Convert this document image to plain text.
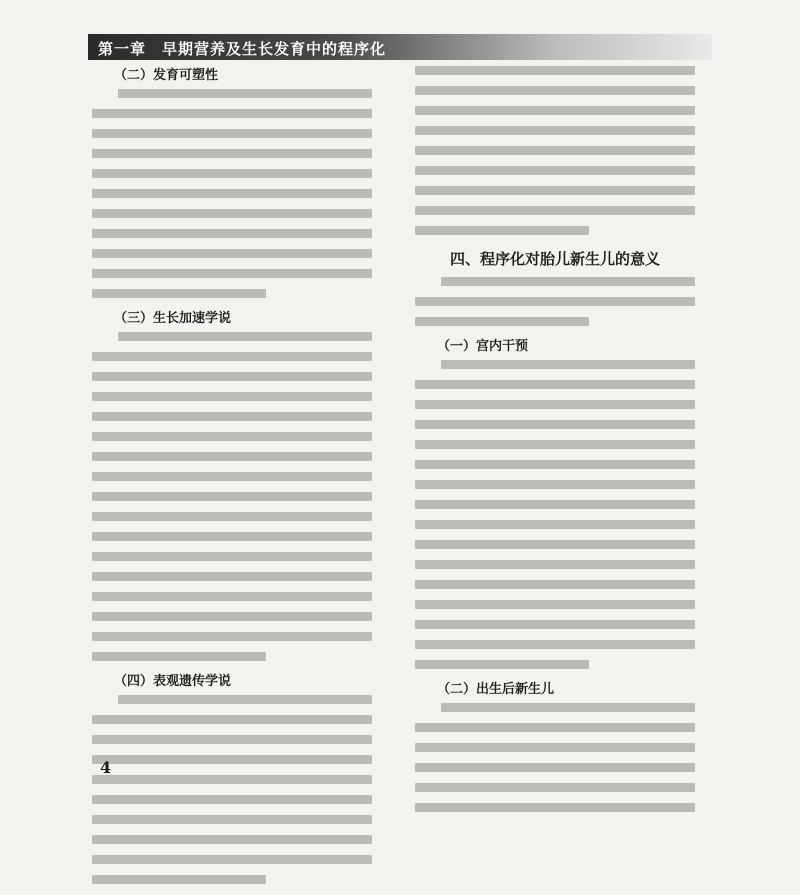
第一章　早期营养及生长发育中的程序化
（二）发育可塑性
（三）生长加速学说
（四）表观遗传学说
四、程序化对胎儿新生儿的意义
（一）宫内干预
（二）出生后新生儿
4
